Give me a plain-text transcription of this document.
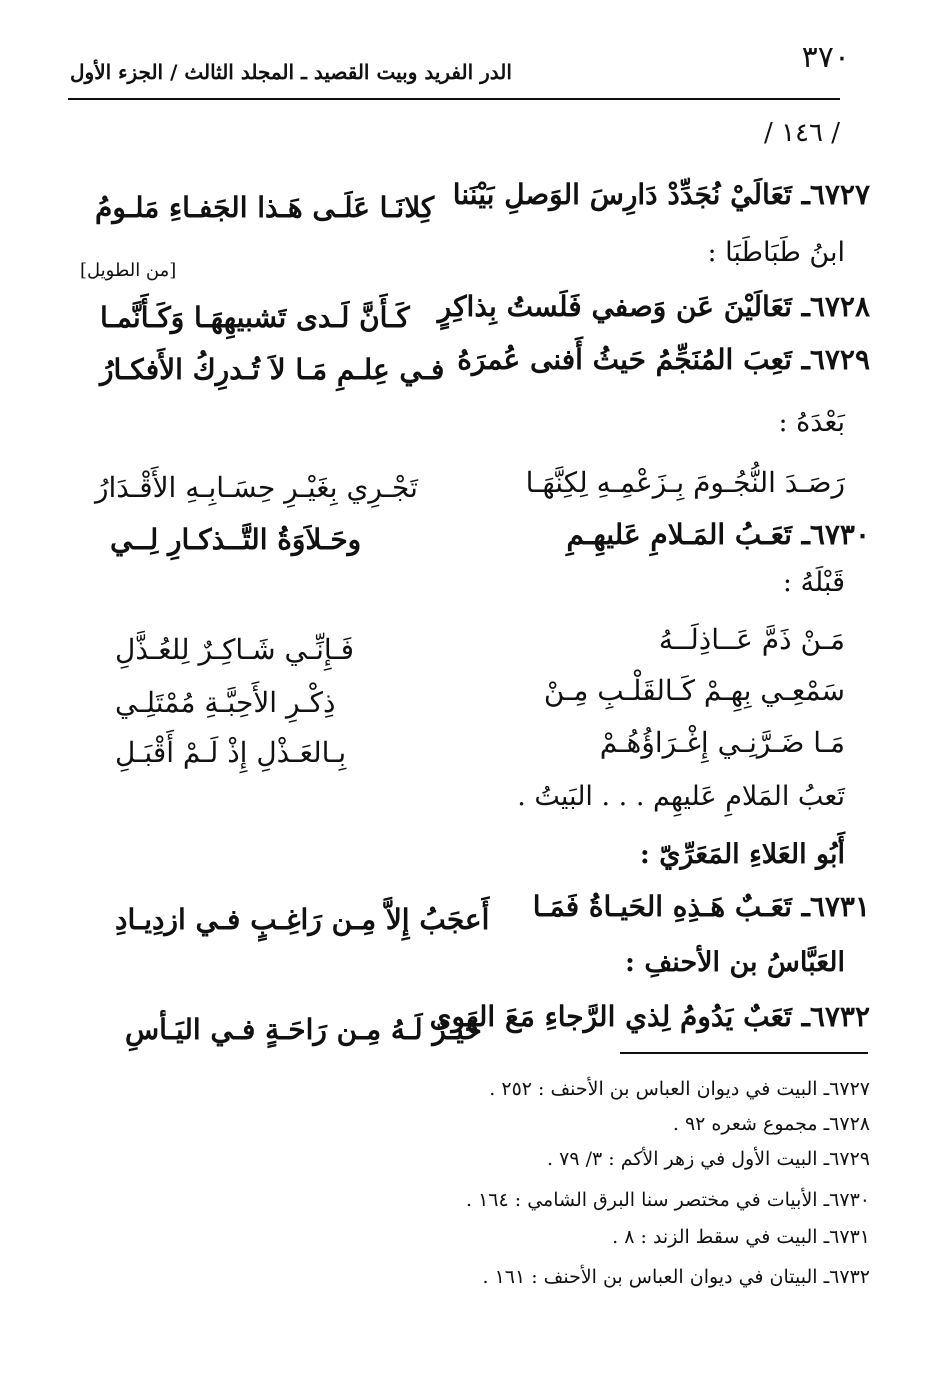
٣٧٠
الدر الفريد وبيت القصيد ـ المجلد الثالث / الجزء الأول
/ ١٤٦ /
[من الطويل]
٦٧٢٧ـ تَعَالَيْ نُجَدِّدْ دَارِسَ الوَصلِ بَيْنَنا
كِلانَـا عَلَـى هَـذا الجَفـاءِ مَلـومُ
ابنُ طَبَاطَبَا :
٦٧٢٨ـ تَعَالَيْنَ عَن وَصفي فَلَستُ بِذاكِرٍ
كَـأَنَّ لَـدى تَشبيهِهَـا وَكَـأَنَّمـا
٦٧٢٩ـ تَعِبَ المُنَجِّمُ حَيثُ أَفنى عُمرَهُ
فـي عِلـمِ مَـا لاَ تُـدرِكُ الأَفكـارُ
بَعْدَهُ :
رَصَـدَ النُّجُـومَ بِـزَعْمِـهِ لِكِنَّهَـا
تَجْـرِي بِغَيْـرِ حِسَـابِـهِ الأَقْـدَارُ
٦٧٣٠ـ تَعَـبُ المَـلامِ عَليهِـمِ
وحَـلاَوَةُ التَّــذكـارِ لِــي
قَبْلَهُ :
مَـنْ ذَمَّ عَــاذِلَــهُ
فَـإِنِّـي شَـاكِـرٌ لِلعُـذَّلِ
سَمْعِـي بِهِـمْ كَـالقَلْـبِ مِـنْ
ذِكْـرِ الأَحِبَّـةِ مُمْتَلِـي
مَـا ضَـرَّنِـي إِغْـرَاؤُهُـمْ
بِـالعَـذْلِ إِذْ لَـمْ أَقْبَـلِ
تَعبُ المَلامِ عَليهِم . . . البَيتُ .
أَبُو العَلاءِ المَعَرِّيّ :
٦٧٣١ـ تَعَـبٌ هَـذِهِ الحَيـاةُ فَمَـا
أَعجَبُ إِلاَّ مِـن رَاغِـبٍ فـي ازدِيـادِ
العَبَّاسُ بن الأحنفِ :
٦٧٣٢ـ تَعَبٌ يَدُومُ لِذي الرَّجاءِ مَعَ الهَوى
خَيـرٌ لَـهُ مِـن رَاحَـةٍ فـي اليَـأسِ
٦٧٢٧ـ البيت في ديوان العباس بن الأحنف : ٢٥٢ .
٦٧٢٨ـ مجموع شعره ٩٢ .
٦٧٢٩ـ البيت الأول في زهر الأكم : ٣/ ٧٩ .
٦٧٣٠ـ الأبيات في مختصر سنا البرق الشامي : ١٦٤ .
٦٧٣١ـ البيت في سقط الزند : ٨ .
٦٧٣٢ـ البيتان في ديوان العباس بن الأحنف : ١٦١ .
